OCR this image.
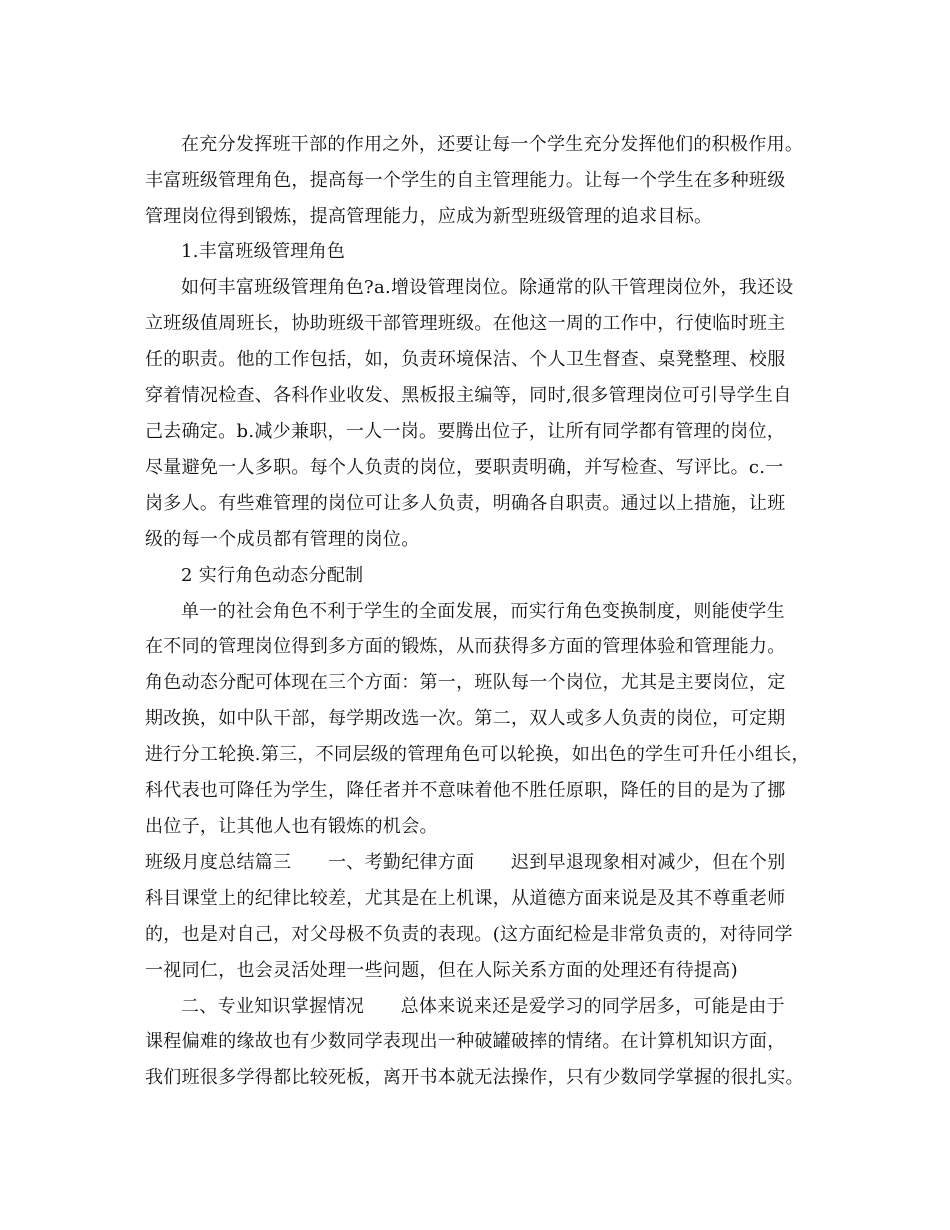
在充分发挥班干部的作用之外，还要让每一个学生充分发挥他们的积极作用。
丰富班级管理角色，提高每一个学生的自主管理能力。让每一个学生在多种班级
管理岗位得到锻炼，提高管理能力，应成为新型班级管理的追求目标。
1.丰富班级管理角色
如何丰富班级管理角色?a.增设管理岗位。除通常的队干管理岗位外，我还设
立班级值周班长，协助班级干部管理班级。在他这一周的工作中，行使临时班主
任的职责。他的工作包括，如，负责环境保洁、个人卫生督查、桌凳整理、校服
穿着情况检查、各科作业收发、黑板报主编等，同时,很多管理岗位可引导学生自
己去确定。b.减少兼职，一人一岗。要腾出位子，让所有同学都有管理的岗位，
尽量避免一人多职。每个人负责的岗位，要职责明确，并写检查、写评比。c.一
岗多人。有些难管理的岗位可让多人负责，明确各自职责。通过以上措施，让班
级的每一个成员都有管理的岗位。
2 实行角色动态分配制
单一的社会角色不利于学生的全面发展，而实行角色变换制度，则能使学生
在不同的管理岗位得到多方面的锻炼，从而获得多方面的管理体验和管理能力。
角色动态分配可体现在三个方面：第一，班队每一个岗位，尤其是主要岗位，定
期改换，如中队干部，每学期改选一次。第二，双人或多人负责的岗位，可定期
进行分工轮换.第三，不同层级的管理角色可以轮换，如出色的学生可升任小组长，
科代表也可降任为学生，降任者并不意味着他不胜任原职，降任的目的是为了挪
出位子，让其他人也有锻炼的机会。
班级月度总结篇三　　一、考勤纪律方面　　迟到早退现象相对减少，但在个别
科目课堂上的纪律比较差，尤其是在上机课，从道德方面来说是及其不尊重老师
的，也是对自己，对父母极不负责的表现。(这方面纪检是非常负责的，对待同学
一视同仁，也会灵活处理一些问题，但在人际关系方面的处理还有待提高)
二、专业知识掌握情况　　总体来说来还是爱学习的同学居多，可能是由于
课程偏难的缘故也有少数同学表现出一种破罐破摔的情绪。在计算机知识方面，
我们班很多学得都比较死板，离开书本就无法操作，只有少数同学掌握的很扎实。
